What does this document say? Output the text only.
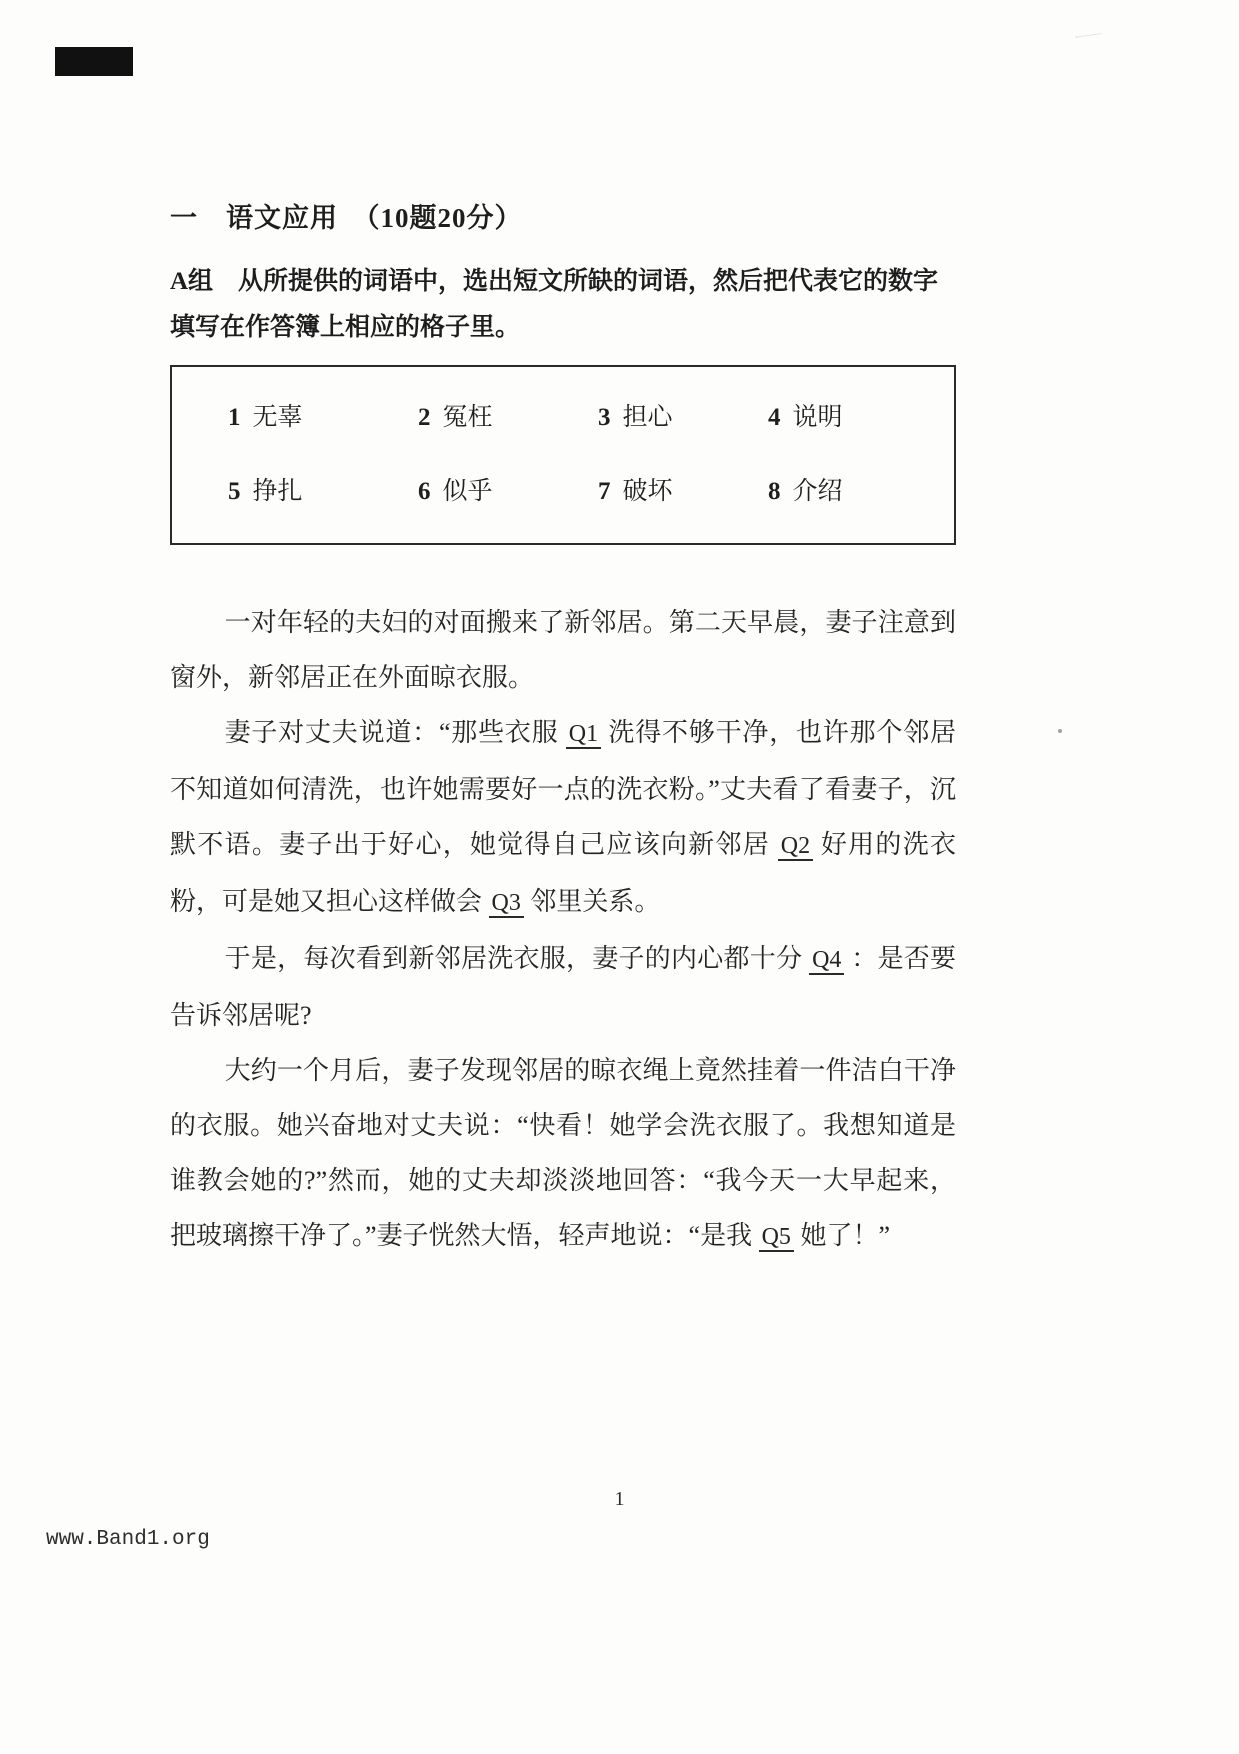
一　语文应用　（10题20分）

A组　从所提供的词语中，选出短文所缺的词语，然后把代表它的数字填写在作答簿上相应的格子里。

1 无辜	2 冤枉	3 担心	4 说明
5 挣扎	6 似乎	7 破坏	8 介绍

一对年轻的夫妇的对面搬来了新邻居。第二天早晨，妻子注意到窗外，新邻居正在外面晾衣服。

妻子对丈夫说道：“那些衣服 Q1 洗得不够干净，也许那个邻居不知道如何清洗，也许她需要好一点的洗衣粉。”丈夫看了看妻子，沉默不语。妻子出于好心，她觉得自己应该向新邻居 Q2 好用的洗衣粉，可是她又担心这样做会 Q3 邻里关系。

于是，每次看到新邻居洗衣服，妻子的内心都十分 Q4 ：是否要告诉邻居呢?

大约一个月后，妻子发现邻居的晾衣绳上竟然挂着一件洁白干净的衣服。她兴奋地对丈夫说：“快看！她学会洗衣服了。我想知道是谁教会她的?”然而，她的丈夫却淡淡地回答：“我今天一大早起来，把玻璃擦干净了。”妻子恍然大悟，轻声地说：“是我 Q5 她了！”

1
www.Band1.org
